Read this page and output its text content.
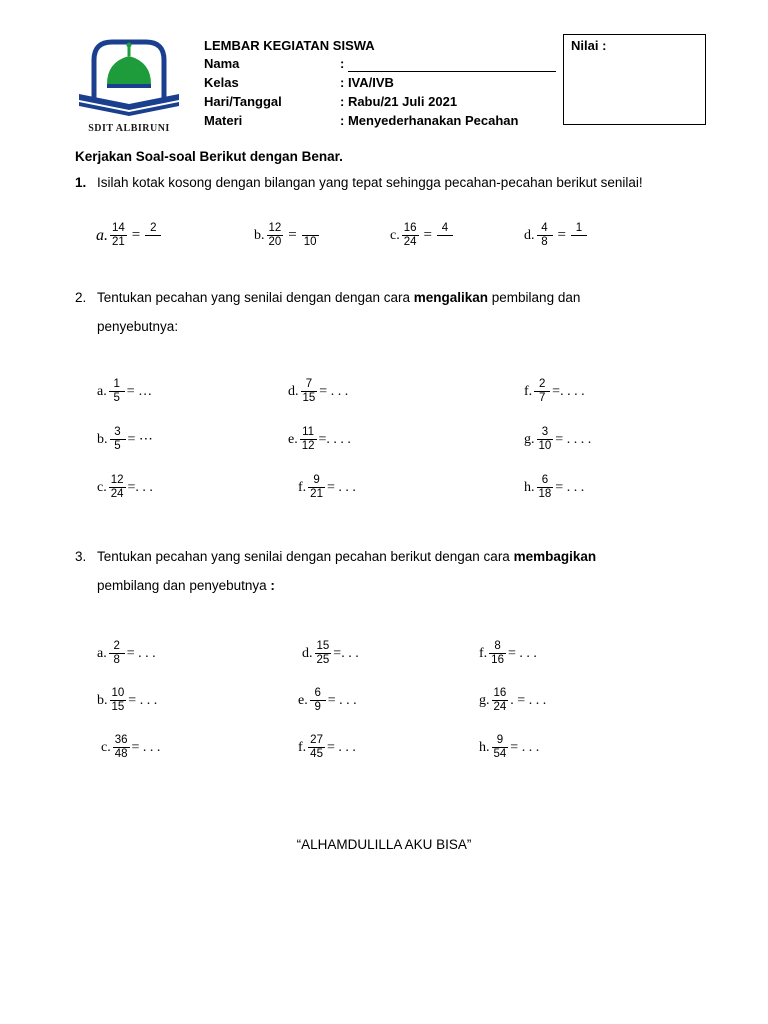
SDIT ALBIRUNI
LEMBAR KEGIATAN SISWA
Nama	:
Kelas	: IVA/IVB
Hari/Tanggal	: Rabu/21 Juli 2021
Materi	: Menyederhanakan Pecahan
Nilai :
Kerjakan Soal-soal Berikut dengan Benar.
1. Isilah kotak kosong dengan bilangan yang tepat sehingga pecahan-pecahan berikut senilai!
a. $\frac{14}{21} = 2$	b. $\frac{12}{20} = 10$	c. $\frac{16}{24} = 4$	d. $\frac{4}{8} = 1$
2. Tentukan pecahan yang senilai dengan dengan cara mengalikan pembilang dan
penyebutnya:
a. $\frac{1}{5}$ = …	d. $\frac{7}{15}$ = . . .	f. $\frac{2}{7}$ =. . . .
b. $\frac{3}{5}$ = ⋯	e. $\frac{11}{12}$ =. . . .	g. $\frac{3}{10}$ = . . . .
c. $\frac{12}{24}$ =. . .	f. $\frac{9}{21}$ = . . .	h. $\frac{6}{18}$ = . . .
3. Tentukan pecahan yang senilai dengan pecahan berikut dengan cara membagikan
pembilang dan penyebutnya :
a. $\frac{2}{8}$ = . . .	d. $\frac{15}{25}$ =. . .	f. $\frac{8}{16}$ = . . .
b. $\frac{10}{15}$ = . . .	e. $\frac{6}{9}$ = . . .	g. $\frac{16}{24}$ . = . . .
c. $\frac{36}{48}$ = . . .	f. $\frac{27}{45}$ = . . .	h. $\frac{9}{54}$ = . . .
“ALHAMDULILLA AKU BISA”
